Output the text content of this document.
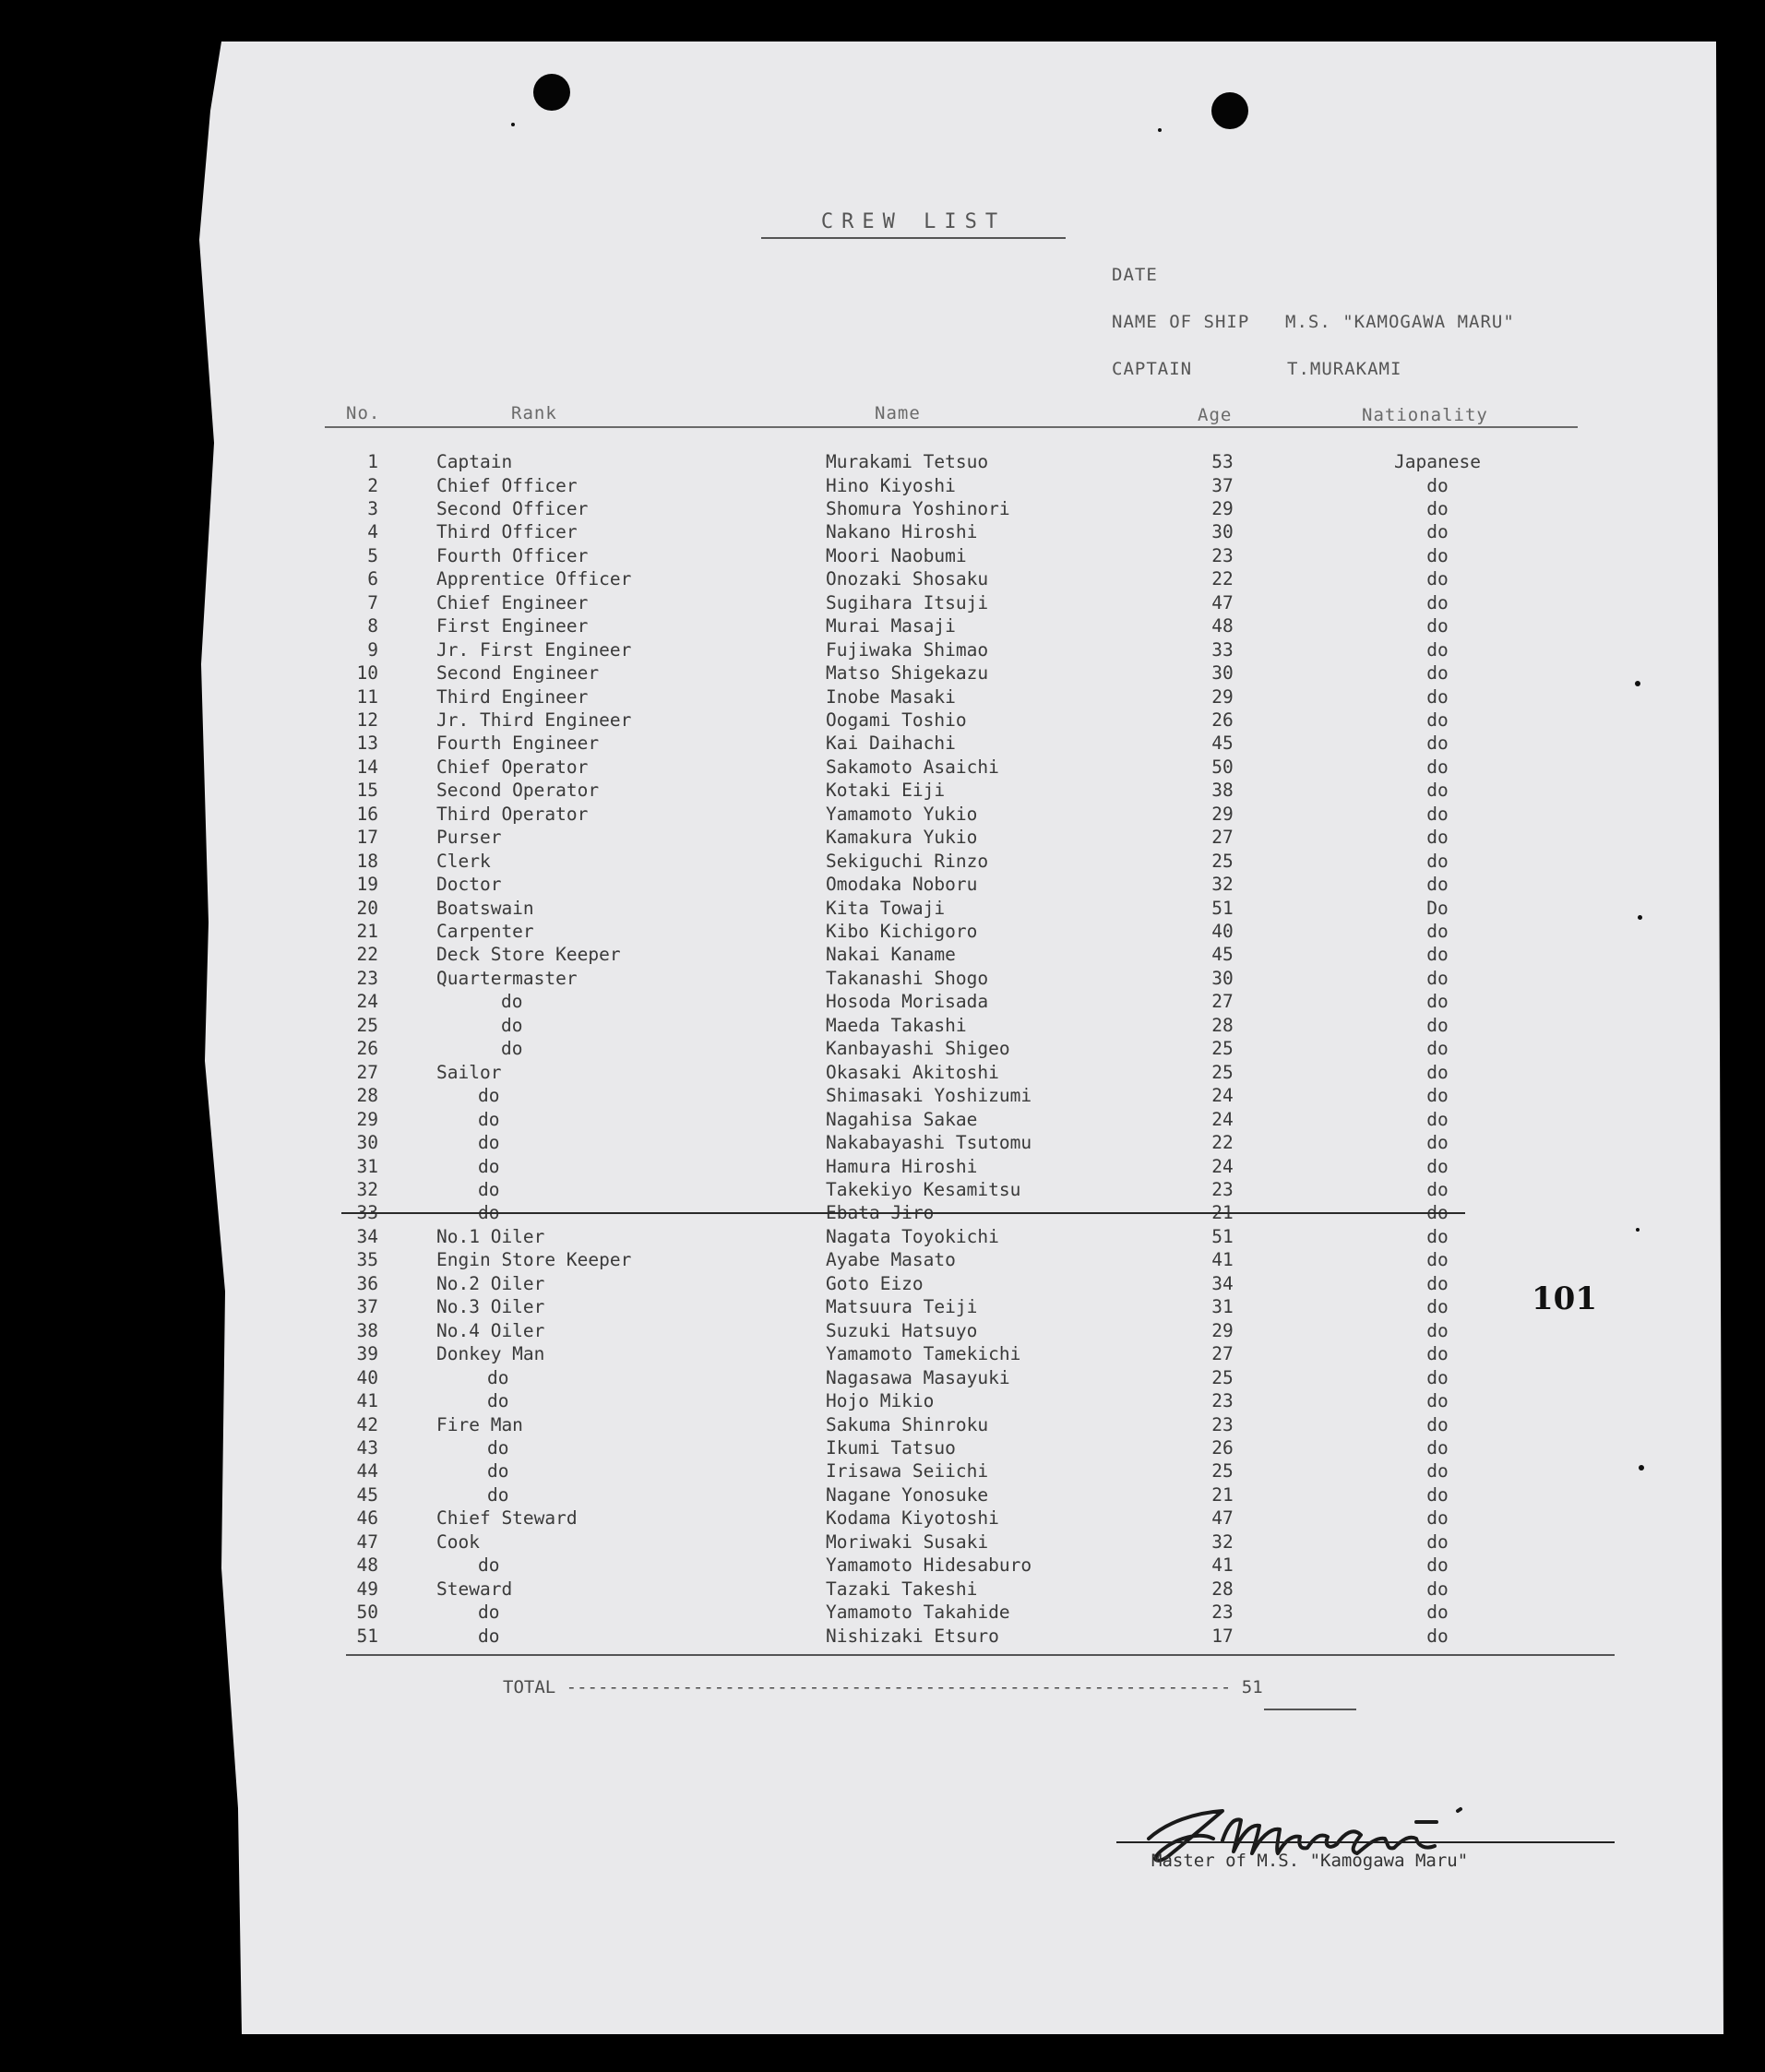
CREW LIST
DATE
NAME OF SHIP M.S. "KAMOGAWA MARU"
CAPTAIN	T.MURAKAMI
No.	Rank	Name	Age	Nationality
1	Captain	Murakami Tetsuo	53	Japanese
2	Chief Officer	Hino Kiyoshi	37	do
3	Second Officer	Shomura Yoshinori	29	do
4	Third Officer	Nakano Hiroshi	30	do
5	Fourth Officer	Moori Naobumi	23	do
6	Apprentice Officer	Onozaki Shosaku	22	do
7	Chief Engineer	Sugihara Itsuji	47	do
8	First Engineer	Murai Masaji	48	do
9	Jr. First Engineer	Fujiwaka Shimao	33	do
10	Second Engineer	Matso Shigekazu	30	do
11	Third Engineer	Inobe Masaki	29	do
12	Jr. Third Engineer	Oogami Toshio	26	do
13	Fourth Engineer	Kai Daihachi	45	do
14	Chief Operator	Sakamoto Asaichi	50	do
15	Second Operator	Kotaki Eiji	38	do
16	Third Operator	Yamamoto Yukio	29	do
17	Purser	Kamakura Yukio	27	do
18	Clerk	Sekiguchi Rinzo	25	do
19	Doctor	Omodaka Noboru	32	do
20	Boatswain	Kita Towaji	51	Do
21	Carpenter	Kibo Kichigoro	40	do
22	Deck Store Keeper	Nakai Kaname	45	do
23	Quartermaster	Takanashi Shogo	30	do
24	do	Hosoda Morisada	27	do
25	do	Maeda Takashi	28	do
26	do	Kanbayashi Shigeo	25	do
27	Sailor	Okasaki Akitoshi	25	do
28	do	Shimasaki Yoshizumi	24	do
29	do	Nagahisa Sakae	24	do
30	do	Nakabayashi Tsutomu	22	do
31	do	Hamura Hiroshi	24	do
32	do	Takekiyo Kesamitsu	23	do
33	do	Ebata Jiro	21	do
34	No.1 Oiler	Nagata Toyokichi	51	do
35	Engin Store Keeper	Ayabe Masato	41	do
36	No.2 Oiler	Goto Eizo	34	do
37	No.3 Oiler	Matsuura Teiji	31	do
38	No.4 Oiler	Suzuki Hatsuyo	29	do
39	Donkey Man	Yamamoto Tamekichi	27	do
40	do	Nagasawa Masayuki	25	do
41	do	Hojo Mikio	23	do
42	Fire Man	Sakuma Shinroku	23	do
43	do	Ikumi Tatsuo	26	do
44	do	Irisawa Seiichi	25	do
45	do	Nagane Yonosuke	21	do
46	Chief Steward	Kodama Kiyotoshi	47	do
47	Cook	Moriwaki Susaki	32	do
48	do	Yamamoto Hidesaburo	41	do
49	Steward	Tazaki Takeshi	28	do
50	do	Yamamoto Takahide	23	do
51	do	Nishizaki Etsuro	17	do
TOTAL --------------------------------------------------------------- 51
101
Master of M.S. "Kamogawa Maru"
